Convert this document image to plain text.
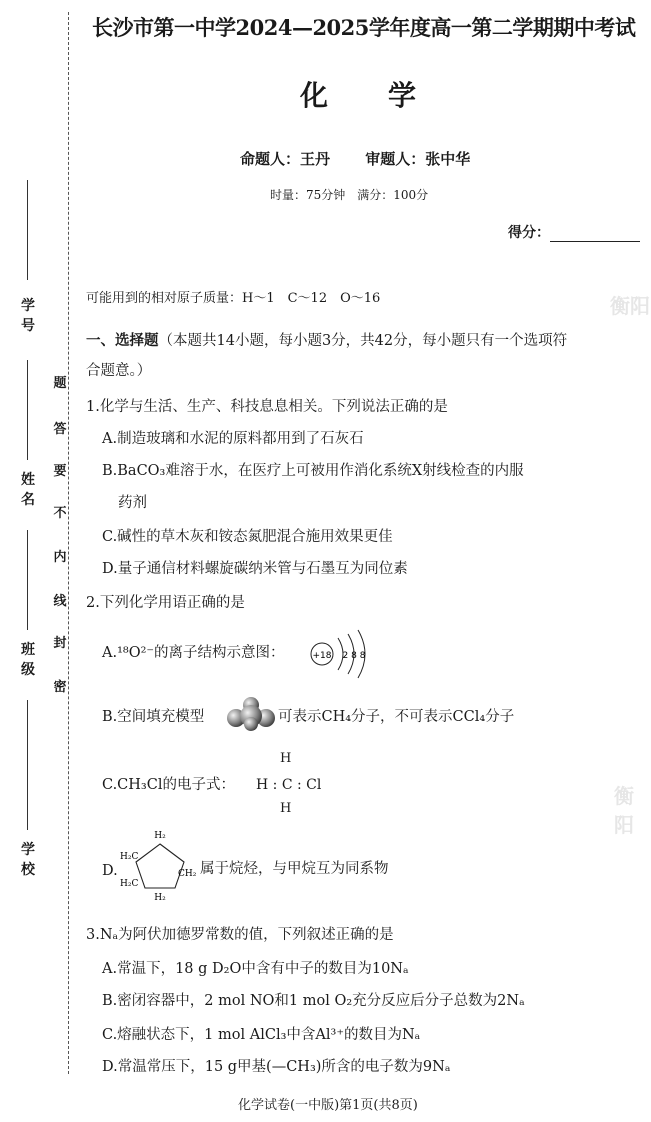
学号
姓名
班级
学校
题
答
要
不
内
线
封
密
衡阳
衡阳
长沙市第一中学2024—2025学年度高一第二学期期中考试
化学
命题人：王丹 审题人：张中华
时量：75分钟　满分：100分
得分：
可能用到的相对原子质量：H～1　C～12　O～16
一、选择题（本题共14小题，每小题3分，共42分，每小题只有一个选项符
合题意。）
1.化学与生活、生产、科技息息相关。下列说法正确的是
A.制造玻璃和水泥的原料都用到了石灰石
B.BaCO₃难溶于水，在医疗上可被用作消化系统X射线检查的内服
药剂
C.碱性的草木灰和铵态氮肥混合施用效果更佳
D.量子通信材料螺旋碳纳米管与石墨互为同位素
2.下列化学用语正确的是
A.¹⁸O²⁻的离子结构示意图：	+18 2 8 8
B.空间填充模型	可表示CH₄分子，不可表示CCl₄分子
C.CH₃Cl的电子式：
H
H : C : Cl
H
D.
H₂
H₂C
CH₂
H₂C
H₂
属于烷烃，与甲烷互为同系物
3.Nₐ为阿伏加德罗常数的值，下列叙述正确的是
A.常温下，18 g D₂O中含有中子的数目为10Nₐ
B.密闭容器中，2 mol NO和1 mol O₂充分反应后分子总数为2Nₐ
C.熔融状态下，1 mol AlCl₃中含Al³⁺的数目为Nₐ
D.常温常压下，15 g甲基(—CH₃)所含的电子数为9Nₐ
化学试卷(一中版)第1页(共8页)
